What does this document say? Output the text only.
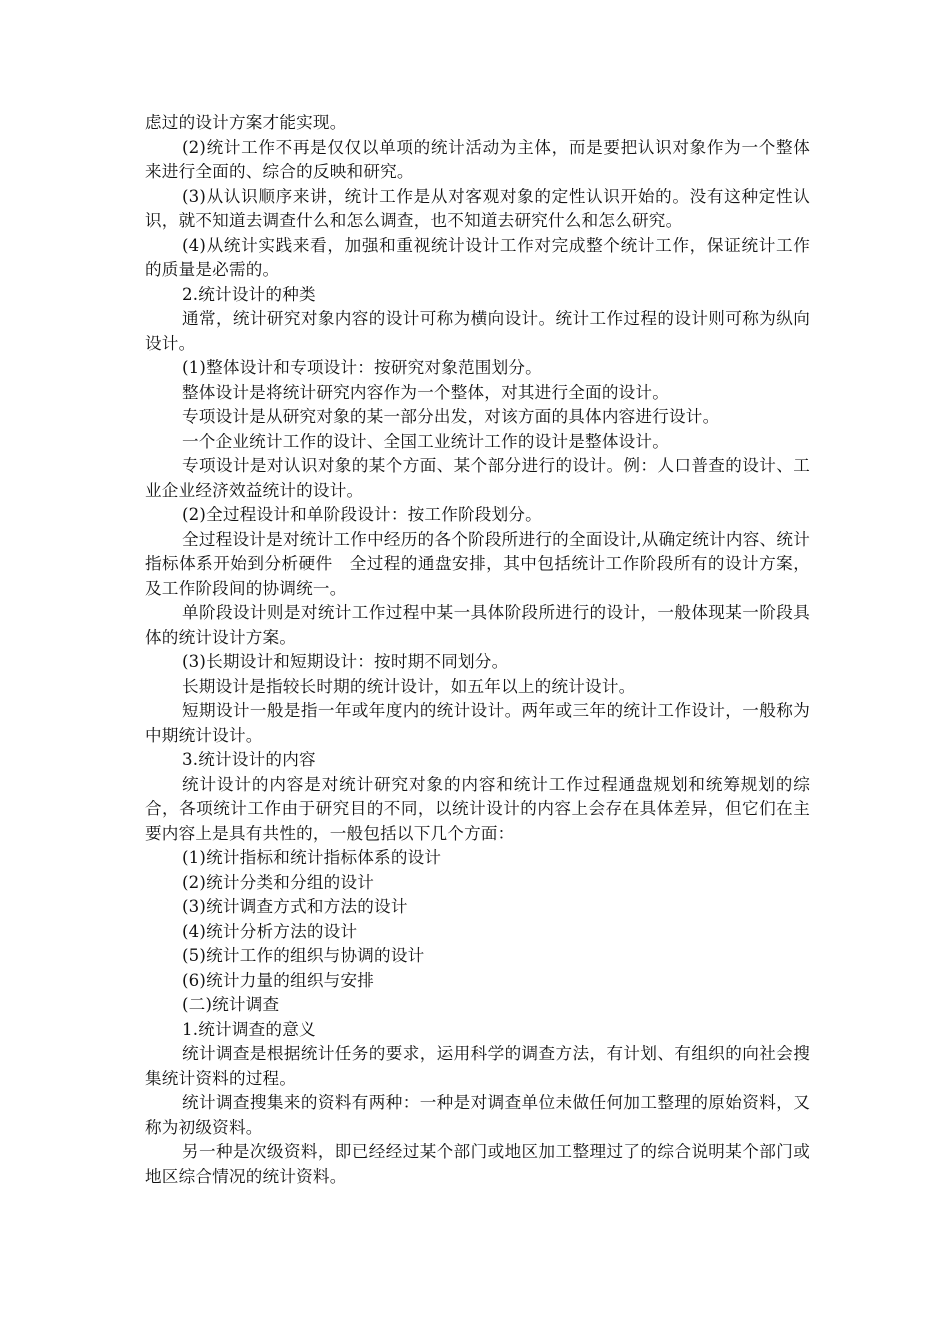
虑过的设计方案才能实现。

(2)统计工作不再是仅仅以单项的统计活动为主体，而是要把认识对象作为一个整体来进行全面的、综合的反映和研究。

(3)从认识顺序来讲，统计工作是从对客观对象的定性认识开始的。没有这种定性认识，就不知道去调查什么和怎么调查，也不知道去研究什么和怎么研究。

(4)从统计实践来看，加强和重视统计设计工作对完成整个统计工作，保证统计工作的质量是必需的。

2.统计设计的种类

通常，统计研究对象内容的设计可称为横向设计。统计工作过程的设计则可称为纵向设计。

(1)整体设计和专项设计：按研究对象范围划分。

整体设计是将统计研究内容作为一个整体，对其进行全面的设计。

专项设计是从研究对象的某一部分出发，对该方面的具体内容进行设计。

一个企业统计工作的设计、全国工业统计工作的设计是整体设计。

专项设计是对认识对象的某个方面、某个部分进行的设计。例：人口普查的设计、工业企业经济效益统计的设计。

(2)全过程设计和单阶段设计：按工作阶段划分。

全过程设计是对统计工作中经历的各个阶段所进行的全面设计,从确定统计内容、统计指标体系开始到分析硬件　全过程的通盘安排，其中包括统计工作阶段所有的设计方案，及工作阶段间的协调统一。

单阶段设计则是对统计工作过程中某一具体阶段所进行的设计，一般体现某一阶段具体的统计设计方案。

(3)长期设计和短期设计：按时期不同划分。

长期设计是指较长时期的统计设计，如五年以上的统计设计。

短期设计一般是指一年或年度内的统计设计。两年或三年的统计工作设计，一般称为中期统计设计。

3.统计设计的内容

统计设计的内容是对统计研究对象的内容和统计工作过程通盘规划和统筹规划的综合，各项统计工作由于研究目的不同，以统计设计的内容上会存在具体差异，但它们在主要内容上是具有共性的，一般包括以下几个方面：

(1)统计指标和统计指标体系的设计

(2)统计分类和分组的设计

(3)统计调查方式和方法的设计

(4)统计分析方法的设计

(5)统计工作的组织与协调的设计

(6)统计力量的组织与安排

(二)统计调查

1.统计调查的意义

统计调查是根据统计任务的要求，运用科学的调查方法，有计划、有组织的向社会搜集统计资料的过程。

统计调查搜集来的资料有两种：一种是对调查单位未做任何加工整理的原始资料，又称为初级资料。

另一种是次级资料，即已经经过某个部门或地区加工整理过了的综合说明某个部门或地区综合情况的统计资料。
